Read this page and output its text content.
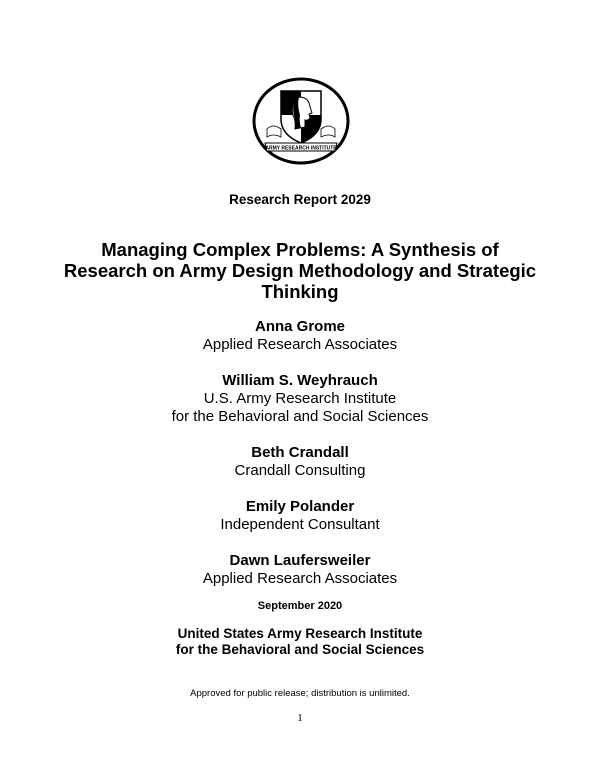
ARMY RESEARCH INSTITUTE
Research Report 2029
Managing Complex Problems: A Synthesis of
Research on Army Design Methodology and Strategic
Thinking
Anna Grome
Applied Research Associates
William S. Weyhrauch
U.S. Army Research Institute
for the Behavioral and Social Sciences
Beth Crandall
Crandall Consulting
Emily Polander
Independent Consultant
Dawn Laufersweiler
Applied Research Associates
September 2020
United States Army Research Institute
for the Behavioral and Social Sciences
Approved for public release; distribution is unlimited.
1
